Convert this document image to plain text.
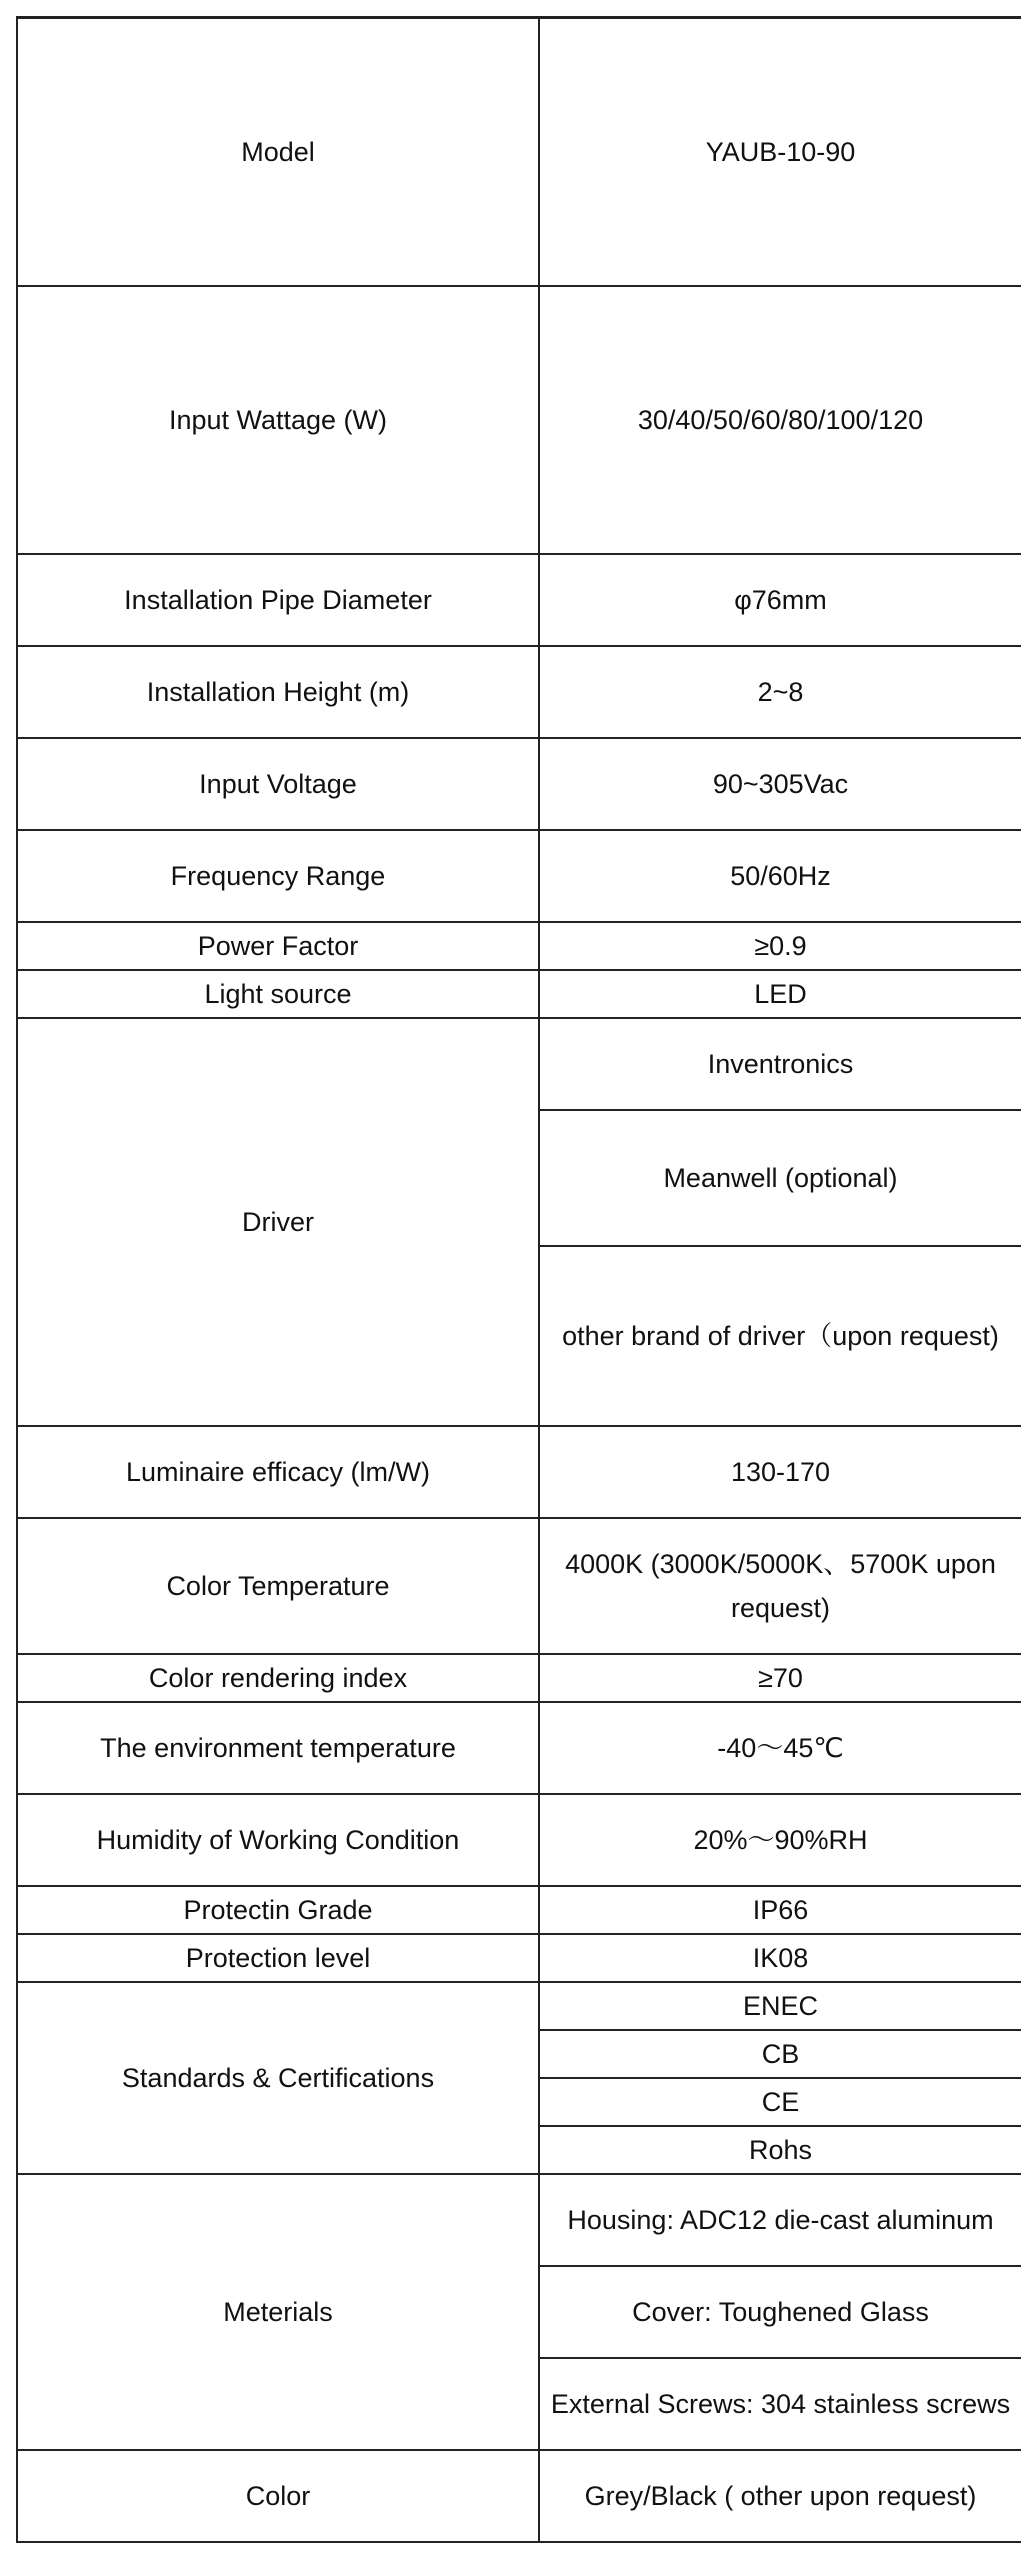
Model	YAUB-10-90
Input Wattage (W)	30/40/50/60/80/100/120
Installation Pipe Diameter	φ76mm
Installation Height (m)	2~8
Input Voltage	90~305Vac
Frequency Range	50/60Hz
Power Factor	≥0.9
Light source	LED
Driver	Inventronics
	Meanwell (optional)
	other brand of driver（upon request)
Luminaire efficacy (lm/W)	130-170
Color Temperature	4000K (3000K/5000K、5700K upon request)
Color rendering index	≥70
The environment temperature	-40～45℃
Humidity of Working Condition	20%～90%RH
Protectin Grade	IP66
Protection level	IK08
Standards & Certifications	ENEC
	CB
	CE
	Rohs
Meterials	Housing: ADC12 die-cast aluminum
	Cover: Toughened Glass
	External Screws: 304 stainless screws
Color	Grey/Black ( other upon request)
